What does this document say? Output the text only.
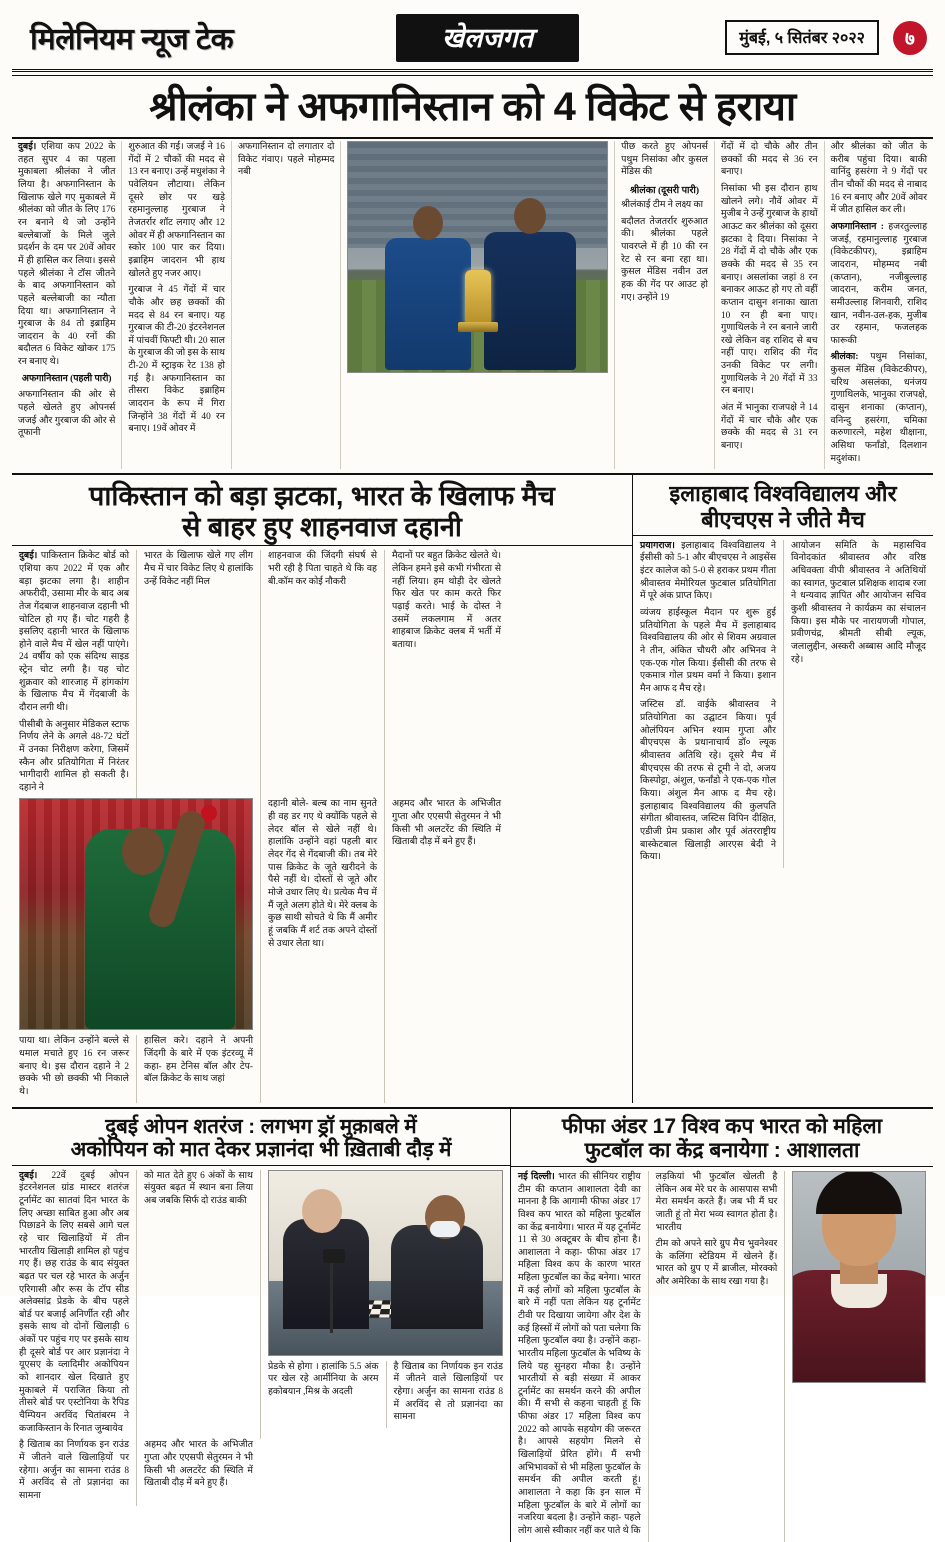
मिलेनियम न्यूज टेक	खेलजगत	मुंबई, ५ सितंबर २०२२	७
श्रीलंका ने अफगानिस्तान को 4 विकेट से हराया

दुबई। एशिया कप 2022 के तहत सुपर 4 का पहला मुकाबला श्रीलंका ने जीत लिया है। अफगानिस्तान के खिलाफ खेले गए मुकाबले में श्रीलंका को जीत के लिए 176 रन बनाने थे जो उन्होंने बल्लेबाजों के मिले जुले प्रदर्शन के दम पर 20वें ओवर में ही हासिल कर लिया। इससे पहले श्रीलंका ने टॉस जीतने के बाद अफगानिस्तान को पहले बल्लेबाजी का न्यौता दिया था। अफगानिस्तान ने गुरबाज के 84 तो इब्राहिम जादरान के 40 रनों की बदौलत 6 विकेट खोकर 175 रन बनाए थे।

अफगानिस्तान (पहली पारी)

अफगानिस्तान की ओर से पहले खेलते हुए ओपनर्स जजई और गुरबाज की ओर से तूफानी

शुरुआत की गई। जजई ने 16 गेंदों में 2 चौकों की मदद से 13 रन बनाए। उन्हें मधुशंका ने पवेलियन लौटाया। लेकिन दूसरे छोर पर खड़े रहमानुल्लाह गुरबाज ने तेजतर्रार शॉट लगाए और 12 ओवर में ही अफगानिस्तान का स्कोर 100 पार कर दिया। इब्राहिम जादरान भी हाथ खोलते हुए नजर आए।

गुरबाज ने 45 गेंदों में चार चौके और छह छक्कों की मदद से 84 रन बनाए। यह गुरबाज की टी-20 इंटरनेशनल में पांचवीं फिफ्टी थी। 20 साल के गुरबाज की जो इस के साथ टी-20 में स्ट्राइक रेट 138 हो गई है। अफगानिस्तान का तीसरा विकेट इब्राहिम जादरान के रूप में गिरा जिन्होंने 38 गेंदों में 40 रन बनाए। 19वें ओवर में

अफगानिस्तान दो लगातार दो विकेट गंवाए। पहले मोहम्मद नबी

पीछ करते हुए ओपनर्स पथुम निसांका और कुसल मेंडिस की

श्रीलंका (दूसरी पारी)

श्रीलंकाई टीम ने लक्ष्य का

बदौलत तेजतर्रार शुरुआत की। श्रीलंका पहले पावरप्ले में ही 10 की रन रेट से रन बना रहा था। कुसल मेंडिस नवीन उल हक की गेंद पर आउट हो गए। उन्होंने 19

गेंदों में दो चौके और तीन छक्कों की मदद से 36 रन बनाए।

निसांका भी इस दौरान हाथ खोलने लगे। नौवें ओवर में मुजीब ने उन्हें गुरबाज के हाथों आऊट कर श्रीलंका को दूसरा झटका दे दिया। निसांका ने 28 गेंदों में दो चौके और एक छक्के की मदद से 35 रन बनाए। असलांका जहां 8 रन बनाकर आऊट हो गए तो वहीं कप्तान दासुन शनाका खाता 10 रन ही बना पाए। गुणाथिलके ने रन बनाने जारी रखे लेकिन वह राशिद से बच नहीं पाए। राशिद की गेंद उनकी विकेट पर लगी। गुणाथिलके ने 20 गेंदों में 33 रन बनाए।

अंत में भानुका राजपक्षे ने 14 गेंदों में चार चौके और एक छक्के की मदद से 31 रन बनाए।

और श्रीलंका को जीत के करीब पहुंचा दिया। बाकी वानिंदु हसरंगा ने 9 गेंदों पर तीन चौकों की मदद से नाबाद 16 रन बनाए और 20वें ओवर में जीत हासिल कर ली।

अफगानिस्तान : हजरतुल्लाह जजई, रहमानुल्लाह गुरबाज (विकेटकीपर), इब्राहिम जादरान, मोहम्मद नबी (कप्तान), नजीबुल्लाह जादरान, करीम जनत, समीउल्लाह शिनवारी, राशिद खान, नवीन-उल-हक, मुजीब उर रहमान, फजलहक फारूकी

श्रीलंका: पथुम निसांका, कुसल मेंडिस (विकेटकीपर), चरिथ असलंका, धनंजय गुणाथिलके, भानुका राजपक्षे, दासुन शनाका (कप्तान), वनिन्दु हसरंगा, चमिका करुणारत्ने, महेश थीक्षाना, असिथा फर्नांडो, दिलशान मदुशंका।

पाकिस्तान को बड़ा झटका, भारत के खिलाफ मैच
से बाहर हुए शाहनवाज दहानी

दुबई। पाकिस्तान क्रिकेट बोर्ड को एशिया कप 2022 में एक और बड़ा झटका लगा है। शाहीन अफरीदी, उसामा मीर के बाद अब तेज गेंदबाज शाहनवाज दहानी भी चोटिल हो गए हैं। चोट गहरी है इसलिए दहानी भारत के खिलाफ होने वाले मैच में खेल नहीं पाएंगे। 24 वर्षीय को एक संदिग्ध साइड स्ट्रेन चोट लगी है। यह चोट शुक्रवार को शारजाह में हांगकांग के खिलाफ मैच में गेंदबाजी के दौरान लगी थी।

पीसीबी के अनुसार मेडिकल स्टाफ निर्णय लेने के अगले 48-72 घंटों में उनका निरीक्षण करेगा, जिसमें स्कैन और प्रतियोगिता में निरंतर भागीदारी शामिल हो सकती है। दहाने ने

भारत के खिलाफ खेले गए लीग मैच में चार विकेट लिए थे हालांकि उन्हें विकेट नहीं मिल

शाहनवाज की जिंदगी संघर्ष से भरी रही है पिता चाहते थे कि वह बी.कॉम कर कोई नौकरी

मैदानों पर बहुत क्रिकेट खेलते थे। लेकिन हमने इसे कभी गंभीरता से नहीं लिया। हम थोड़ी देर खेलते फिर खेत पर काम करते फिर पढ़ाई करते। भाई के दोस्त ने उसमें लकलगाम में अतर शाहबाज क्रिकेट क्लब में भर्ती में बताया।

पाया था। लेकिन उन्होंने बल्ले से धमाल मचाते हुए 16 रन जरूर बनाए थे। इस दौरान दहाने ने 2 छक्के भी छो छक्की भी निकाले थे।

हासिल करे। दहाने ने अपनी जिंदगी के बारे में एक इंटरव्यू में कहा- हम टेनिस बॉल और टेप-बॉल क्रिकेट के साथ जहां

दहानी बोले- बल्ब का नाम सुनते ही वह डर गए थे क्योंकि पहले से लेदर बॉल से खेले नहीं थे। हालांकि उन्होंने वहां पहली बार लेदर गेंद से गेंदबाजी की। तब मेरे पास क्रिकेट के जूते खरीदने के पैसे नहीं थे। दोस्तों से जूते और मोजे उधार लिए थे। प्रत्येक मैच में मैं जूते अलग होते थे। मेरे क्लब के कुछ साथी सोचते थे कि मैं अमीर हूं जबकि मैं शर्ट तक अपने दोस्तों से उधार लेता था।

अहमद और भारत के अभिजीत गुप्ता और एएसपी सेतुरमन ने भी किसी भी अलटरेंट की स्थिति में खिताबी दौड़ में बने हुए हैं।

इलाहाबाद विश्वविद्यालय और
बीएचएस ने जीते मैच

प्रयागराज। इलाहाबाद विश्वविद्यालय ने ईसीसी को 5-1 और बीएचएस ने आइसेंस इंटर कालेज को 5-0 से हराकर प्रथम गीता श्रीवास्तव मेमोरियल फुटबाल प्रतियोगिता में पूरे अंक प्राप्त किए।

व्यंजय हाईस्कूल मैदान पर शुरू हुई प्रतियोगिता के पहले मैच में इलाहाबाद विश्वविद्यालय की ओर से शिवम अग्रवाल ने तीन, अंकित चौधरी और अभिनव ने एक-एक गोल किया। ईसीसी की तरफ से एकमात्र गोल प्रथम वर्मा ने किया। इशान मैन आफ द मैच रहे।

जस्टिस डॉ. वाईके श्रीवास्तव ने प्रतियोगिता का उद्घाटन किया। पूर्व ओलंपियन अभिन श्याम गुप्ता और बीएचएस के प्रधानाचार्य डॉ० ल्यूक श्रीवास्तव अतिथि रहे। दूसरे मैच में बीएचएस की तरफ से टूमी ने दो, अजय किस्पोट्टा, अंशुल, फर्नांडो ने एक-एक गोल किया। अंशुल मैन आफ द मैच रहे। इलाहाबाद विश्वविद्यालय की कुलपति संगीता श्रीवास्तव, जस्टिस विपिन दीक्षित, एडीजी प्रेम प्रकाश और पूर्व अंतरराष्ट्रीय बास्केटबाल खिलाड़ी आरएस बेदी ने किया।

आयोजन समिति के महासचिव विनोदकांत श्रीवास्तव और वरिष्ठ अधिवक्ता वीपी श्रीवास्तव ने अतिथियों का स्वागत, फुटबाल प्रशिक्षक शादाब रजा ने धन्यवाद ज्ञापित और आयोजन सचिव कुशी श्रीवास्तव ने कार्यक्रम का संचालन किया। इस मौके पर नारायणजी गोपाल, प्रवीणचंद्र, श्रीमती सीबी ल्यूक, जलालुद्दीन, अस्करी अब्बास आदि मौजूद रहे।

दुबई ओपन शतरंज : लगभग ड्रॉ मुक़ाबले में
अकोपियन को मात देकर प्रज्ञानंदा भी ख़िताबी दौड़ में

दुबई। 22वें दुबई ओपन इंटरनेशनल ग्रांड मास्टर शतरंज टूर्नामेंट का सातवां दिन भारत के लिए अच्छा साबित हुआ और अब पिछाडने के लिए सबसे आगे चल रहे चार खिलाड़ियों में तीन भारतीय खिलाड़ी शामिल हो पहुंच गए हैं। छह राउंड के बाद संयुक्त बढ़त पर चल रहे भारत के अर्जुन एरिगासी और रूस के टॉप सीड अलेक्सांद्र प्रेडके के बीच पहले बोर्ड पर बजाई अनिर्णीत रही और इसके साथ वो दोनों खिलाड़ी 6 अंकों पर पहुंच गए पर इसके साथ ही दूसरे बोर्ड पर आर प्रज्ञानंदा ने यूएसए के व्लादिमीर अकोपियन को शानदार खेल दिखाते हुए मुकाबले में पराजित किया तो तीसरे बोर्ड पर एस्टोनिया के रैपिड चैम्पियन अरविंद चितांबरम ने कजाकिस्तान के रिनात जुम्बायेव

को मात देते हुए 6 अंकों के साथ संयुक्त बढ़त में स्थान बना लिया अब जबकि सिर्फ दो राउंड बाकी

प्रेडके से होगा । हालांकि 5.5 अंक पर खेल रहे आर्मीनिया के अरम हकोबयान ,मिश्र के अदली

है खिताब का निर्णायक इन राउंड में जीतने वाले खिलाड़ियों पर रहेगा। अर्जुन का सामना राउंड 8 में अरविंद से तो प्रज्ञानंदा का सामना

है खिताब का निर्णायक इन राउंड में जीतने वाले खिलाड़ियों पर रहेगा। अर्जुन का सामना राउंड 8 में अरविंद से तो प्रज्ञानंदा का सामना

अहमद और भारत के अभिजीत गुप्ता और एएसपी सेतुरमन ने भी किसी भी अलटरेंट की स्थिति में खिताबी दौड़ में बने हुए हैं।

फीफा अंडर 17 विश्व कप भारत को महिला
फुटबॉल का केंद्र बनायेगा : आशालता

नई दिल्ली। भारत की सीनियर राष्ट्रीय टीम की कप्तान आशालता देवी का मानना है कि आगामी फीफा अंडर 17 विश्व कप भारत को महिला फुटबॉल का केंद्र बनायेगा। भारत में यह टूर्नामेंट 11 से 30 अक्टूबर के बीच होना है। आशालता ने कहा- फीफा अंडर 17 महिला विश्व कप के कारण भारत महिला फुटबॉल का केंद्र बनेगा। भारत में कई लोगों को महिला फुटबॉल के बारे में नहीं पता लेकिन यह टूर्नामेंट टीवी पर दिखाया जायेगा और देश के कई हिस्सों में लोगों को पता चलेगा कि महिला फुटबॉल क्या है। उन्होंने कहा- भारतीय महिला फुटबॉल के भविष्य के लिये यह सुनहरा मौका है। उन्होंने भारतीयों से बड़ी संख्या में आकर टूर्नामेंट का समर्थन करने की अपील की। मैं सभी से कहना चाहती हूं कि फीफा अंडर 17 महिला विश्व कप 2022 को आपके सहयोग की जरूरत है। आपसे सहयोग मिलने से खिलाड़ियों प्रेरित होंगे। मैं सभी अभिभावकों से भी महिला फुटबॉल के समर्थन की अपील करती हूं। आशालता ने कहा कि इन साल में महिला फुटबॉल के बारे में लोगों का नजरिया बदला है। उन्होंने कहा- पहले लोग आसे स्वीकार नहीं कर पाते थे कि

लड़कियां भी फुटबॉल खेलती है लेकिन अब मेरे घर के आसपास सभी मेरा समर्थन करते हैं। जब भी मैं घर जाती हूं तो मेरा भव्य स्वागत होता है। भारतीय

टीम को अपने सारे ग्रुप मैच भुवनेश्वर के कलिंगा स्टेडियम में खेलने हैं। भारत को ग्रुप ए में ब्राजील, मोरक्को और अमेरिका के साथ रखा गया है।
